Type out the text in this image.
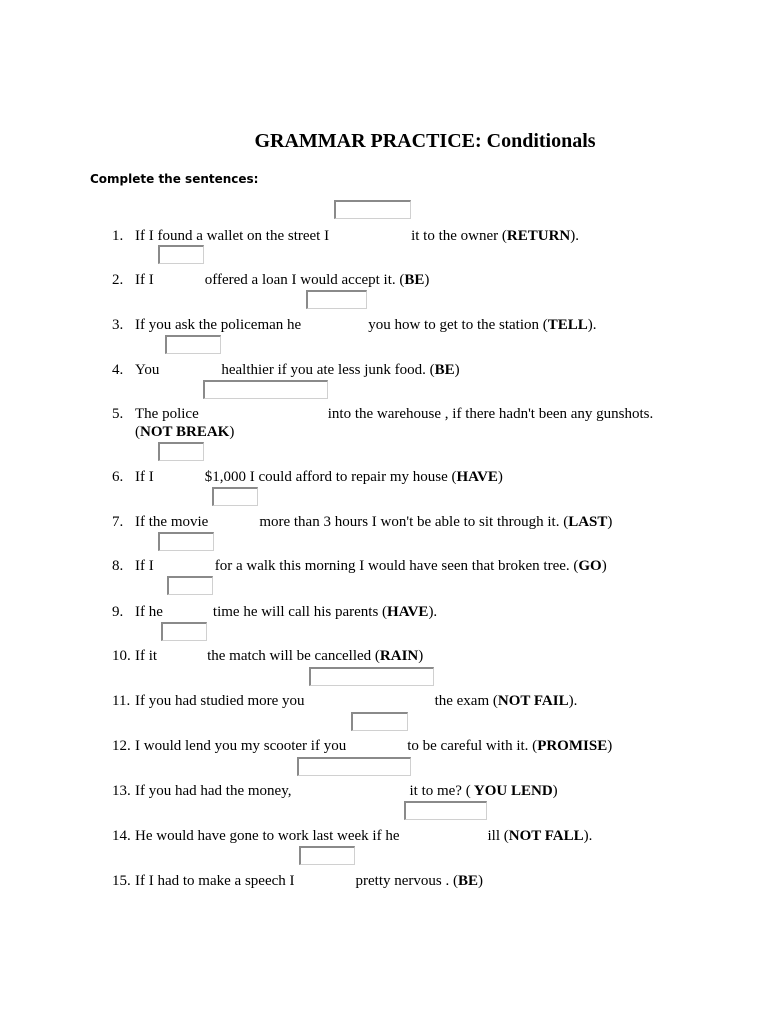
GRAMMAR PRACTICE: Conditionals
Complete the sentences:
1. If I found a wallet on the street I	it to the owner (RETURN).
2. If I	offered a loan I would accept it. (BE)
3. If you ask the policeman he	you how to get to the station (TELL).
4. You	healthier if you ate less junk food. (BE)
5. The police	into the warehouse , if there hadn't been any gunshots.
(NOT BREAK)
6. If I	$1,000 I could afford to repair my house (HAVE)
7. If the movie	more than 3 hours I won't be able to sit through it. (LAST)
8. If I	for a walk this morning I would have seen that broken tree. (GO)
9. If he	time he will call his parents (HAVE).
10. If it	the match will be cancelled (RAIN)
11. If you had studied more you	the exam (NOT FAIL).
12. I would lend you my scooter if you	to be careful with it. (PROMISE)
13. If you had had the money,	it to me? ( YOU LEND)
14. He would have gone to work last week if he	ill (NOT FALL).
15. If I had to make a speech I	pretty nervous . (BE)
